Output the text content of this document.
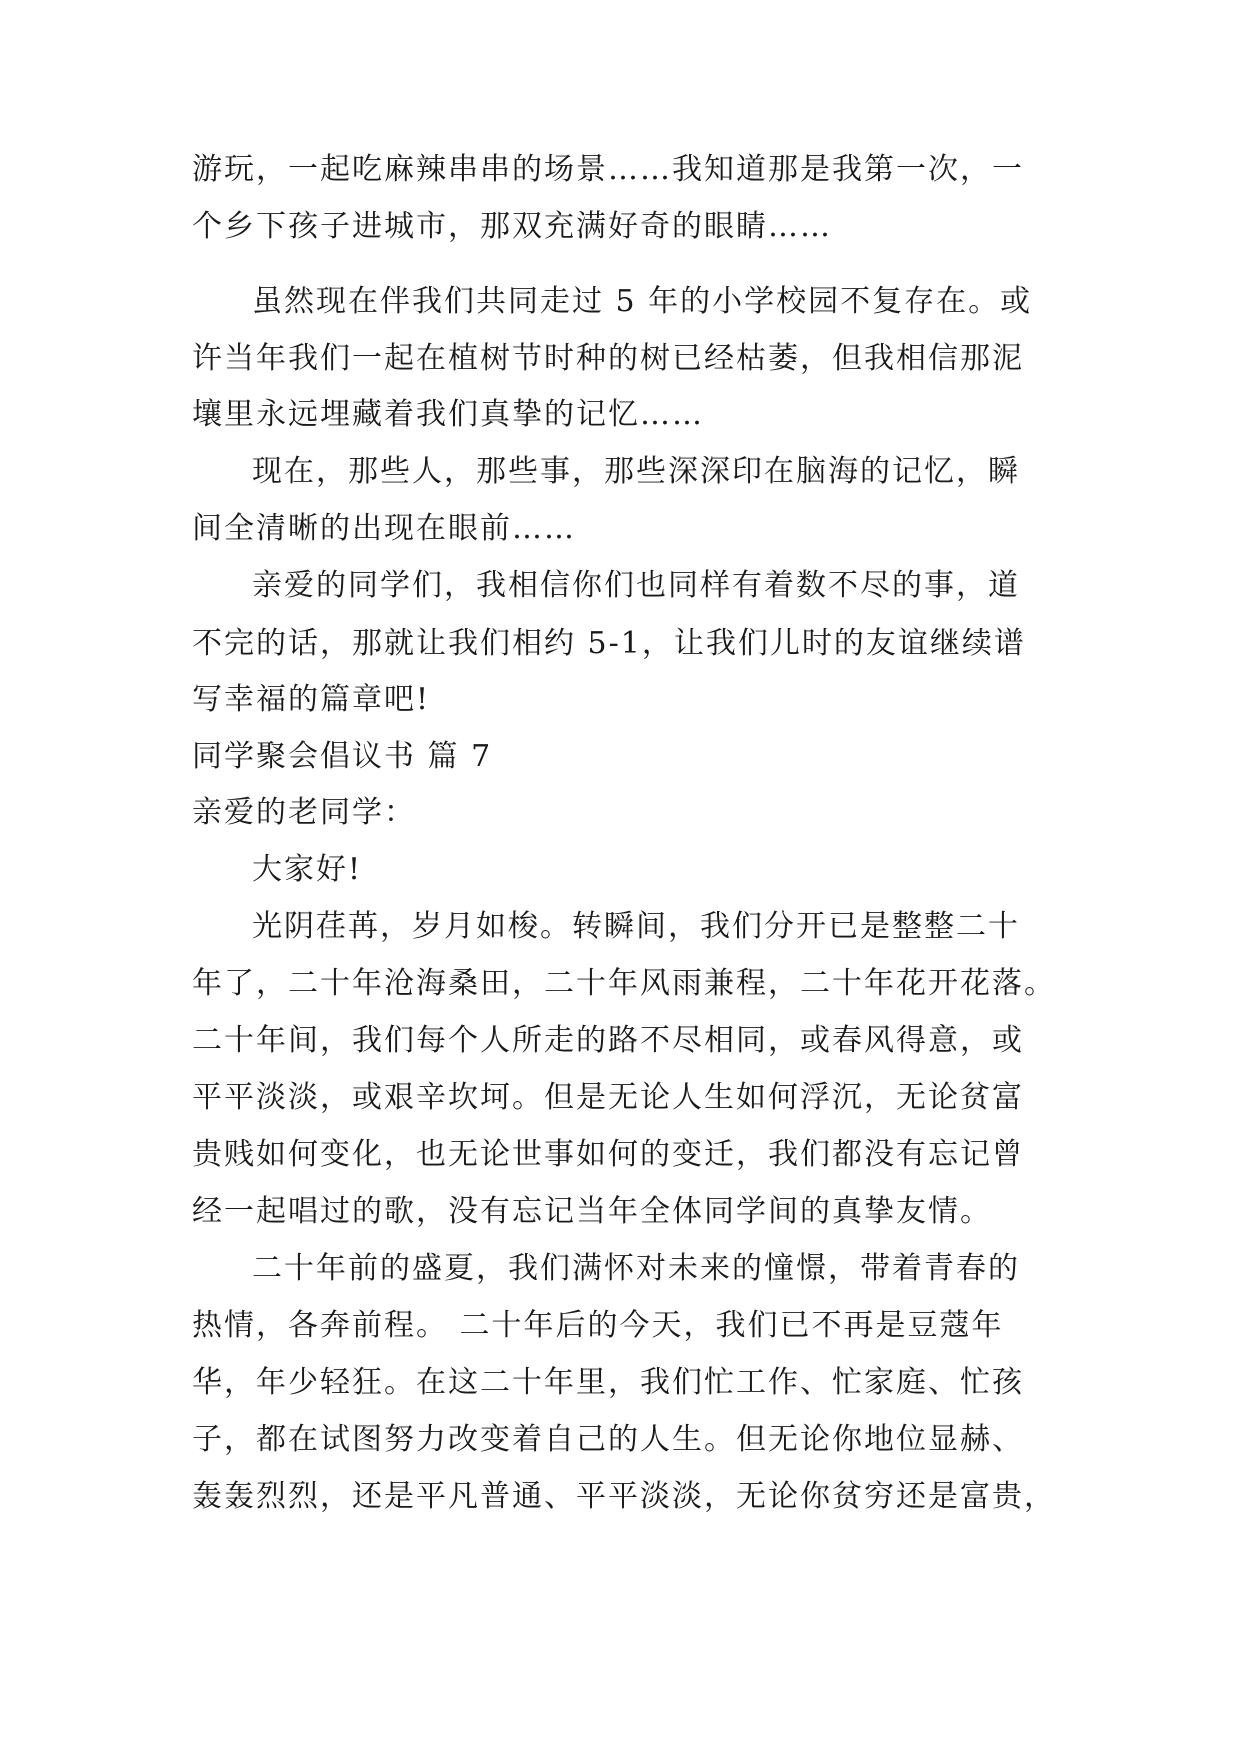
游玩，一起吃麻辣串串的场景……我知道那是我第一次，一
个乡下孩子进城市，那双充满好奇的眼睛……
虽然现在伴我们共同走过 5 年的小学校园不复存在。或
许当年我们一起在植树节时种的树已经枯萎，但我相信那泥
壤里永远埋藏着我们真挚的记忆……
现在，那些人，那些事，那些深深印在脑海的记忆，瞬
间全清晰的出现在眼前……
亲爱的同学们，我相信你们也同样有着数不尽的事，道
不完的话，那就让我们相约 5-1，让我们儿时的友谊继续谱
写幸福的篇章吧!
同学聚会倡议书 篇 7
亲爱的老同学：
大家好!
光阴荏苒，岁月如梭。转瞬间，我们分开已是整整二十
年了，二十年沧海桑田，二十年风雨兼程，二十年花开花落。
二十年间，我们每个人所走的路不尽相同，或春风得意，或
平平淡淡，或艰辛坎坷。但是无论人生如何浮沉，无论贫富
贵贱如何变化，也无论世事如何的变迁，我们都没有忘记曾
经一起唱过的歌，没有忘记当年全体同学间的真挚友情。
二十年前的盛夏，我们满怀对未来的憧憬，带着青春的
热情，各奔前程。 二十年后的今天，我们已不再是豆蔻年
华，年少轻狂。在这二十年里，我们忙工作、忙家庭、忙孩
子，都在试图努力改变着自己的人生。但无论你地位显赫、
轰轰烈烈，还是平凡普通、平平淡淡，无论你贫穷还是富贵，
